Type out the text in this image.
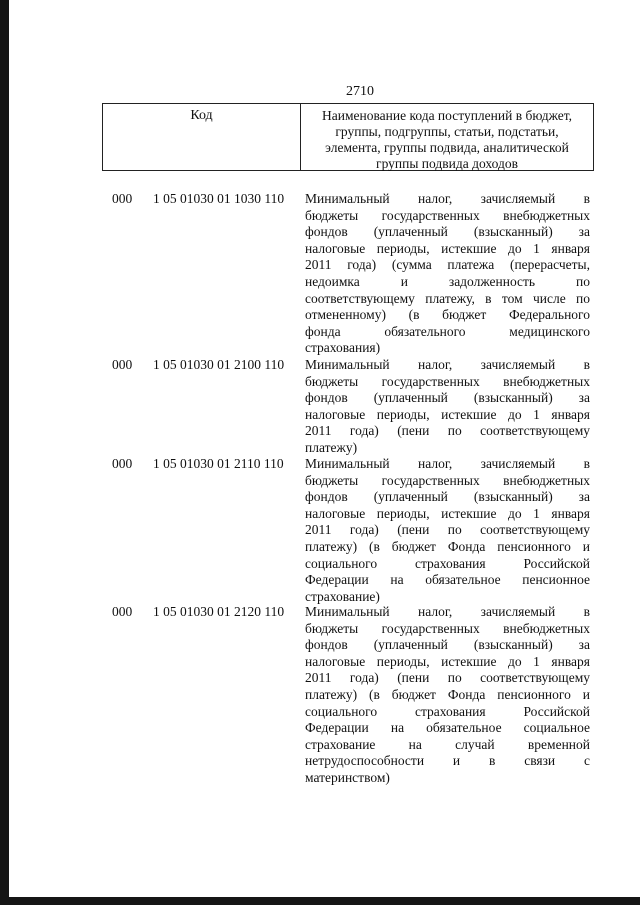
2710
Код	Наименование кода поступлений в бюджет,
группы, подгруппы, статьи, подстатьи,
элемента, группы подвида, аналитической
группы подвида доходов
000 1 05 01030 01 1030 110 Минимальный налог, зачисляемый в
бюджеты государственных внебюджетных
фондов (уплаченный (взысканный) за
налоговые периоды, истекшие до 1 января
2011 года) (сумма платежа (перерасчеты,
недоимка и задолженность по
соответствующему платежу, в том числе по
отмененному) (в бюджет Федерального
фонда обязательного медицинского
страхования)
000 1 05 01030 01 2100 110 Минимальный налог, зачисляемый в
бюджеты государственных внебюджетных
фондов (уплаченный (взысканный) за
налоговые периоды, истекшие до 1 января
2011 года) (пени по соответствующему
платежу)
000 1 05 01030 01 2110 110 Минимальный налог, зачисляемый в
бюджеты государственных внебюджетных
фондов (уплаченный (взысканный) за
налоговые периоды, истекшие до 1 января
2011 года) (пени по соответствующему
платежу) (в бюджет Фонда пенсионного и
социального страхования Российской
Федерации на обязательное пенсионное
страхование)
000 1 05 01030 01 2120 110 Минимальный налог, зачисляемый в
бюджеты государственных внебюджетных
фондов (уплаченный (взысканный) за
налоговые периоды, истекшие до 1 января
2011 года) (пени по соответствующему
платежу) (в бюджет Фонда пенсионного и
социального страхования Российской
Федерации на обязательное социальное
страхование на случай временной
нетрудоспособности и в связи с
материнством)
